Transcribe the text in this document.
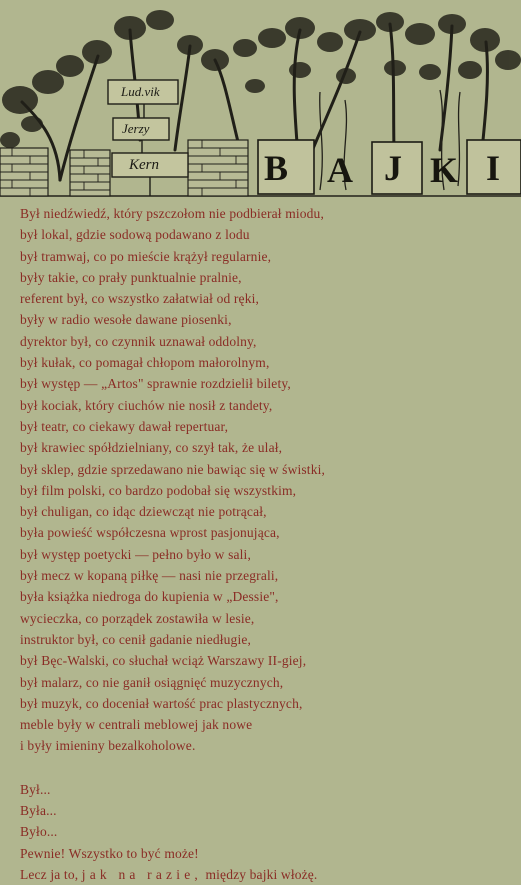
Lud.vik
Jerzy
Kern	B A J K I
Był niedźwiedź, który pszczołom nie podbierał miodu,
był lokal, gdzie sodową podawano z lodu
był tramwaj, co po mieście krążył regularnie,
były takie, co prały punktualnie pralnie,
referent był, co wszystko załatwiał od ręki,
były w radio wesołe dawane piosenki,
dyrektor był, co czynnik uznawał oddolny,
był kułak, co pomagał chłopom małorolnym,
był występ — „Artos" sprawnie rozdzielił bilety,
był kociak, który ciuchów nie nosił z tandety,
był teatr, co ciekawy dawał repertuar,
był krawiec spółdzielniany, co szył tak, że ulał,
był sklep, gdzie sprzedawano nie bawiąc się w świstki,
był film polski, co bardzo podobał się wszystkim,
był chuligan, co idąc dziewcząt nie potrącał,
była powieść współczesna wprost pasjonująca,
był występ poetycki — pełno było w sali,
był mecz w kopaną piłkę — nasi nie przegrali,
była książka niedroga do kupienia w „Dessie",
wycieczka, co porządek zostawiła w lesie,
instruktor był, co cenił gadanie niedługie,
był Bęc-Walski, co słuchał wciąż Warszawy II-giej,
był malarz, co nie ganił osiągnięć muzycznych,
był muzyk, co doceniał wartość prac plastycznych,
meble były w centrali meblowej jak nowe
i były imieniny bezalkoholowe.
Był...
Była...
Było...
Pewnie! Wszystko to być może!
Lecz ja to, jak na razie, między bajki włożę.
